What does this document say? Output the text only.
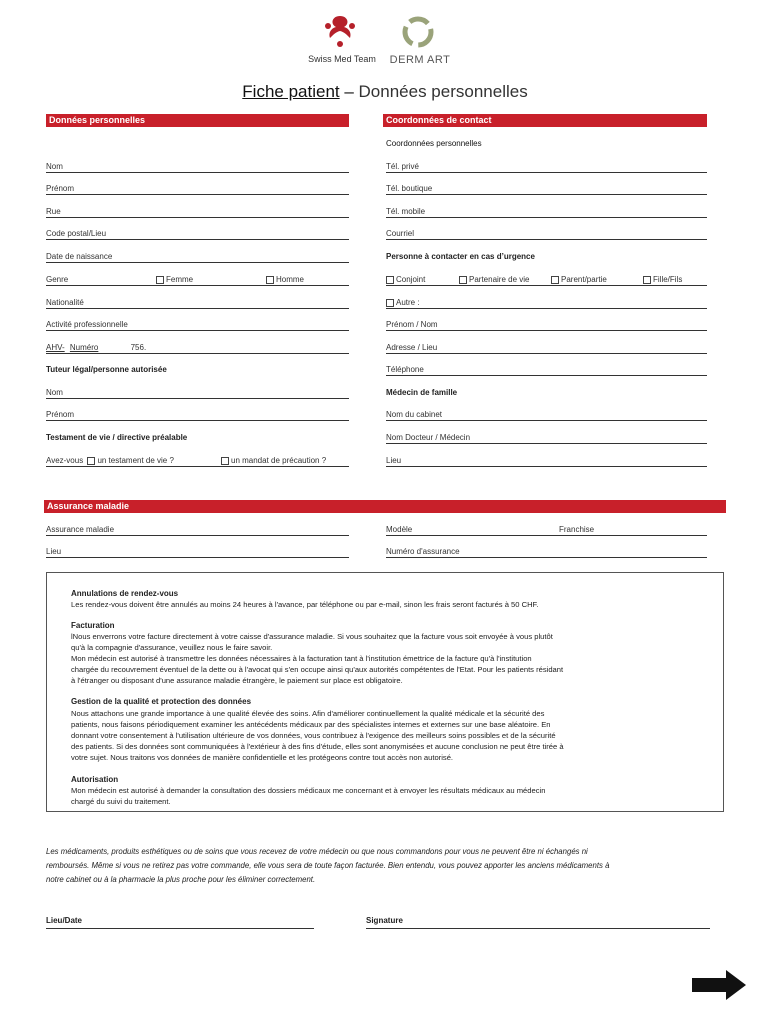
Swiss Med Team	DERM ART
Fiche patient – Données personnelles
Données personnelles
Nom
Prénom
Rue
Code postal/Lieu
Date de naissance
Genre	Femme	Homme
Nationalité
Activité professionnelle
AHV- Numéro	756.
Tuteur légal/personne autorisée
Nom
Prénom
Testament de vie / directive préalable
Avez-vous un testament de vie ?	un mandat de précaution ?
Coordonnées de contact
Coordonnées personnelles
Tél. privé
Tél. boutique
Tél. mobile
Courriel
Personne à contacter en cas d’urgence
Conjoint	Partenaire de vie	Parent/partie	Fille/Fils
Autre :
Prénom / Nom
Adresse / Lieu
Téléphone
Médecin de famille
Nom du cabinet
Nom Docteur / Médecin
Lieu
Assurance maladie
Assurance maladie	Modèle	Franchise
Lieu	Numéro d'assurance
Annulations de rendez-vous
Les rendez-vous doivent être annulés au moins 24 heures à l'avance, par téléphone ou par e-mail, sinon les frais seront facturés à 50 CHF.
Facturation
lNous enverrons votre facture directement à votre caisse d'assurance maladie. Si vous souhaitez que la facture vous soit envoyée à vous plutôt
qu'à la compagnie d'assurance, veuillez nous le faire savoir.
Mon médecin est autorisé à transmettre les données nécessaires à la facturation tant à l'institution émettrice de la facture qu'à l'institution
chargée du recouvrement éventuel de la dette ou à l'avocat qui s'en occupe ainsi qu'aux autorités compétentes de l'Etat. Pour les patients résidant
à l'étranger ou disposant d'une assurance maladie étrangère, le paiement sur place est obligatoire.
Gestion de la qualité et protection des données
Nous attachons une grande importance à une qualité élevée des soins. Afin d'améliorer continuellement la qualité médicale et la sécurité des
patients, nous faisons périodiquement examiner les antécédents médicaux par des spécialistes internes et externes sur une base aléatoire. En
donnant votre consentement à l'utilisation ultérieure de vos données, vous contribuez à l'exigence des meilleurs soins possibles et de la sécurité
des patients. Si des données sont communiquées à l'extérieur à des fins d'étude, elles sont anonymisées et aucune conclusion ne peut être tirée à
votre sujet. Nous traitons vos données de manière confidentielle et les protégeons contre tout accès non autorisé.
Autorisation
Mon médecin est autorisé à demander la consultation des dossiers médicaux me concernant et à envoyer les résultats médicaux au médecin
chargé du suivi du traitement.
Les médicaments, produits esthétiques ou de soins que vous recevez de votre médecin ou que nous commandons pour vous ne peuvent être ni échangés ni
remboursés. Même si vous ne retirez pas votre commande, elle vous sera de toute façon facturée. Bien entendu, vous pouvez apporter les anciens médicaments à
notre cabinet ou à la pharmacie la plus proche pour les éliminer correctement.
Lieu/Date	Signature
